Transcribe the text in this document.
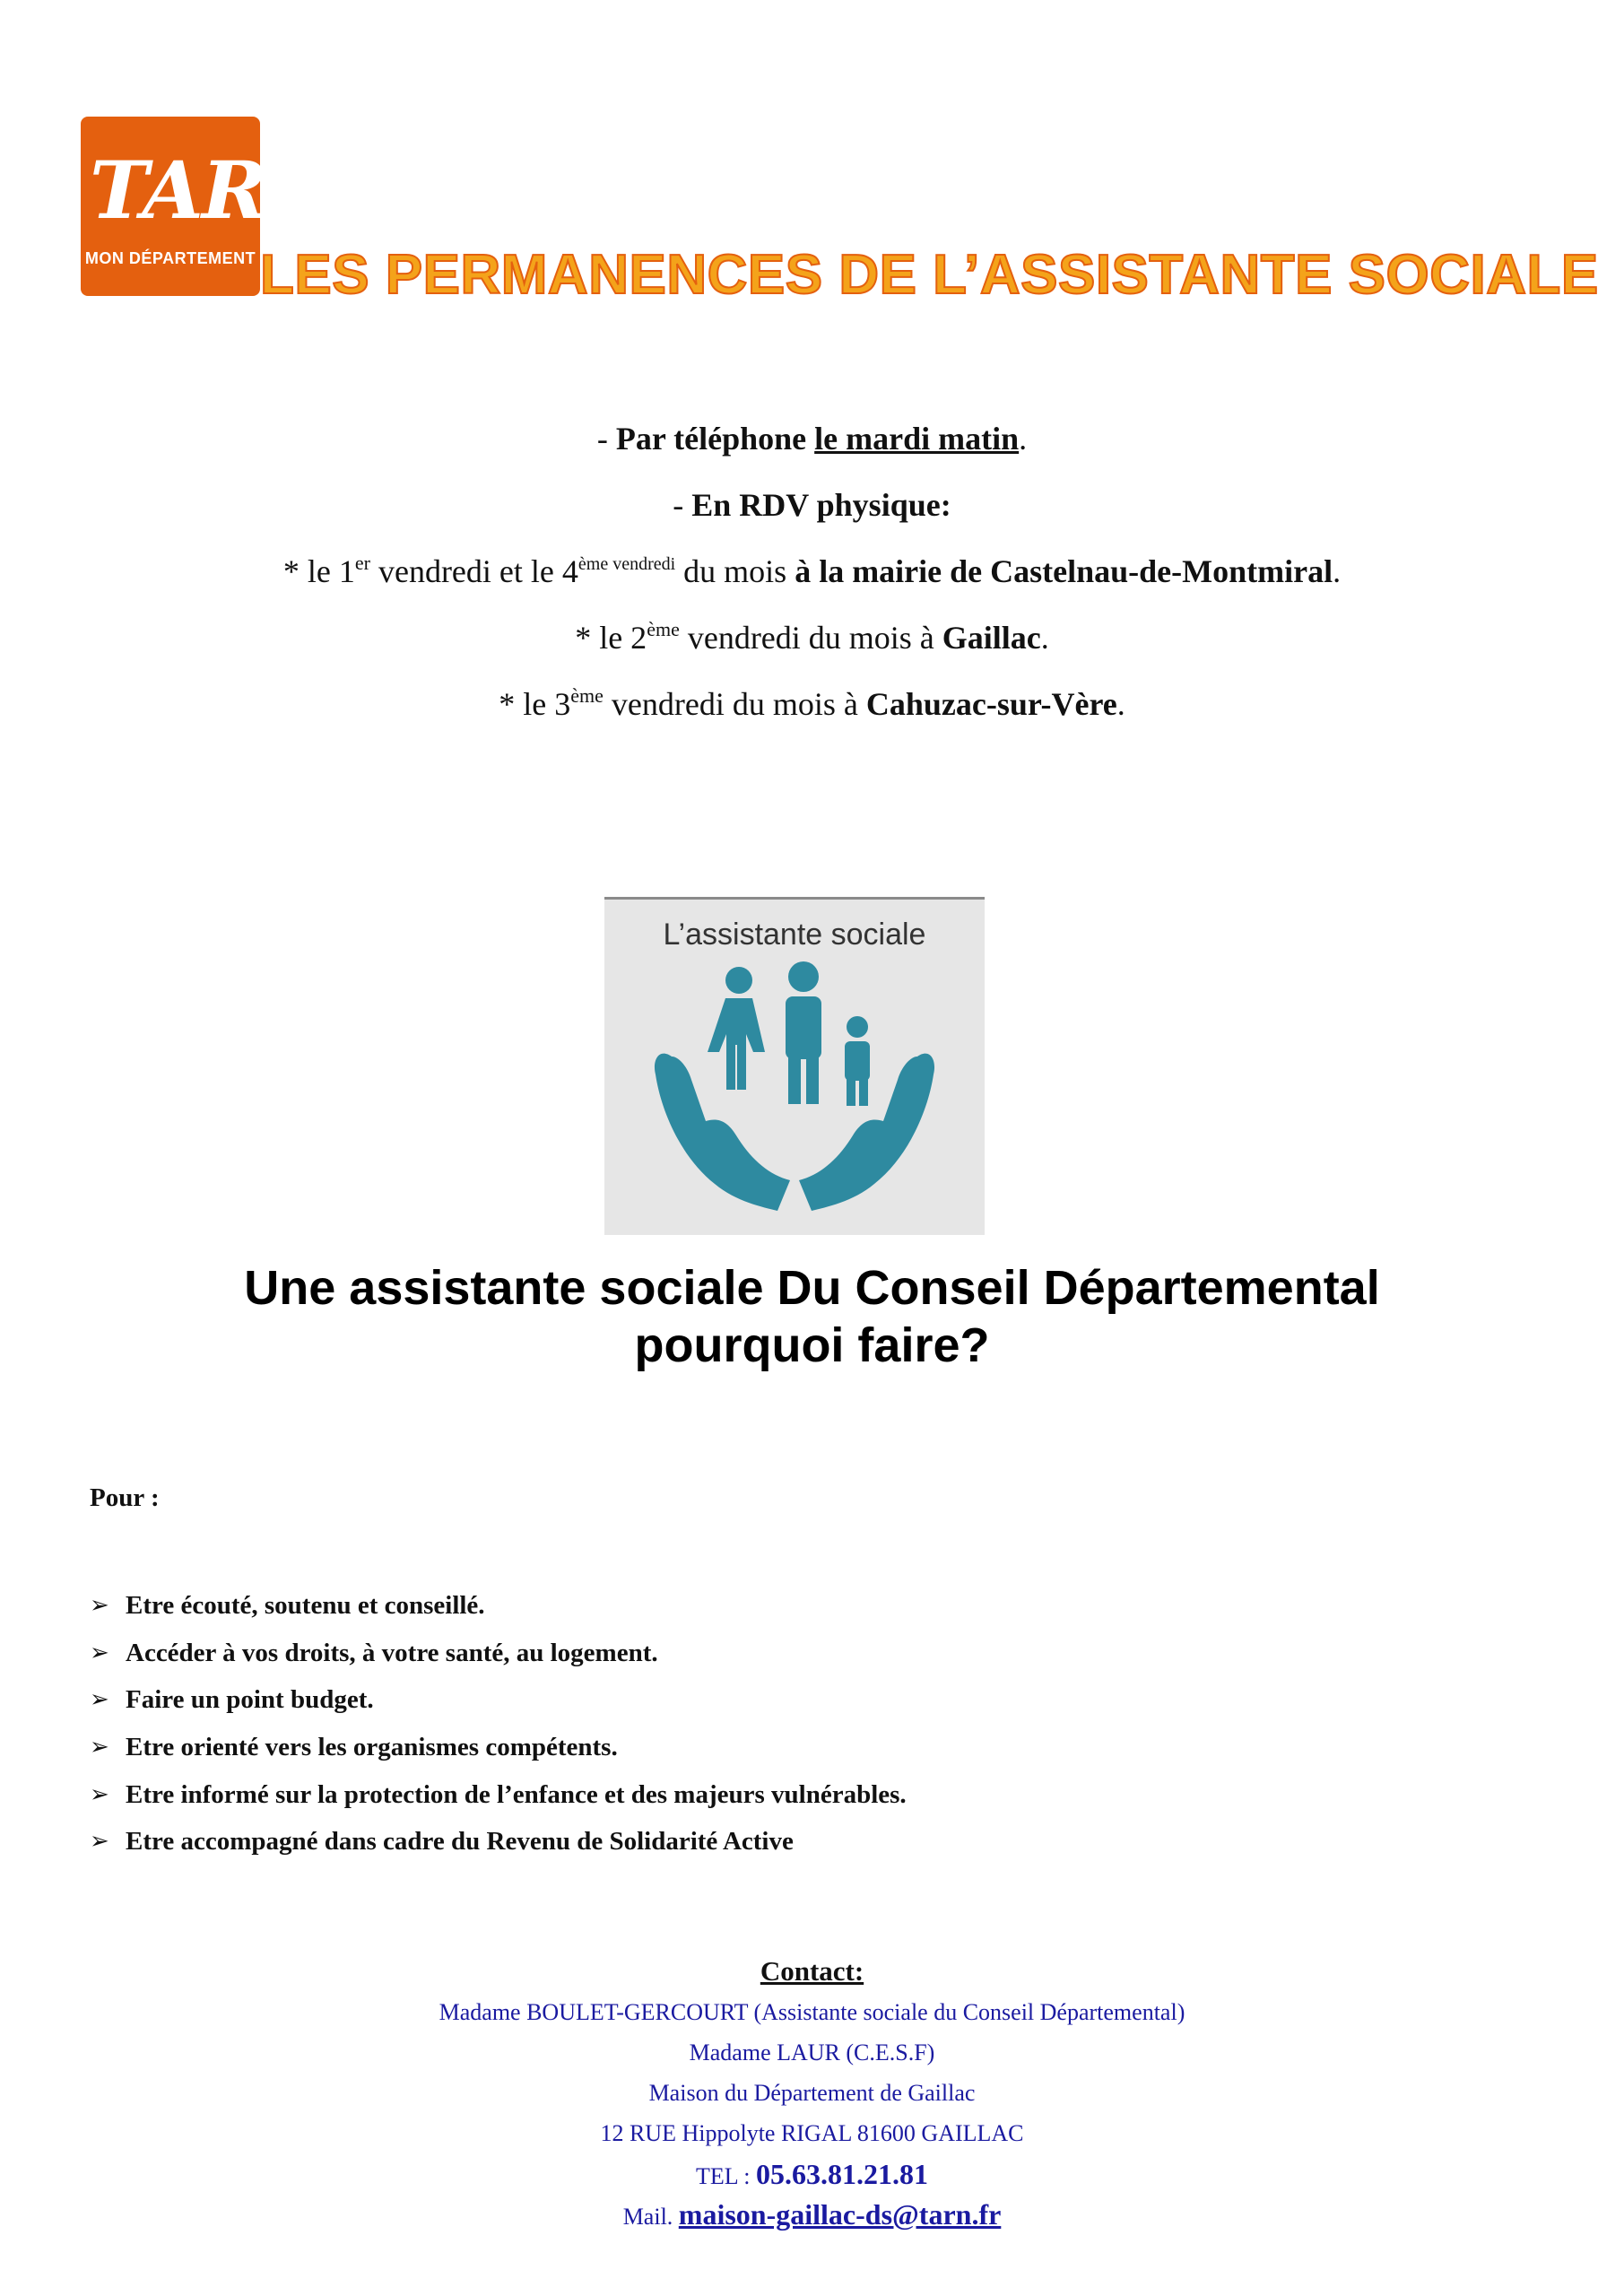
TARN
MON DÉPARTEMENT LES PERMANENCES DE L’ASSISTANTE SOCIALE

- Par téléphone le mardi matin.

- En RDV physique:

* le 1er vendredi et le $4^{ème vendredi}$ du mois à la mairie de Castelnau-de-Montmiral.

* le 2ème vendredi du mois à Gaillac.

* le 3ème vendredi du mois à Cahuzac-sur-Vère.

L’assistante sociale
Une assistante sociale Du Conseil Départemental
pourquoi faire?
Pour :
➢ Etre écouté, soutenu et conseillé.
➢ Accéder à vos droits, à votre santé, au logement.
➢ Faire un point budget.
➢ Etre orienté vers les organismes compétents.
➢ Etre informé sur la protection de l’enfance et des majeurs vulnérables.
➢ Etre accompagné dans cadre du Revenu de Solidarité Active
Contact:
Madame BOULET-GERCOURT (Assistante sociale du Conseil Départemental)
Madame LAUR (C.E.S.F)
Maison du Département de Gaillac
12 RUE Hippolyte RIGAL 81600 GAILLAC
TEL : 05.63.81.21.81
Mail. maison-gaillac-ds@tarn.fr
